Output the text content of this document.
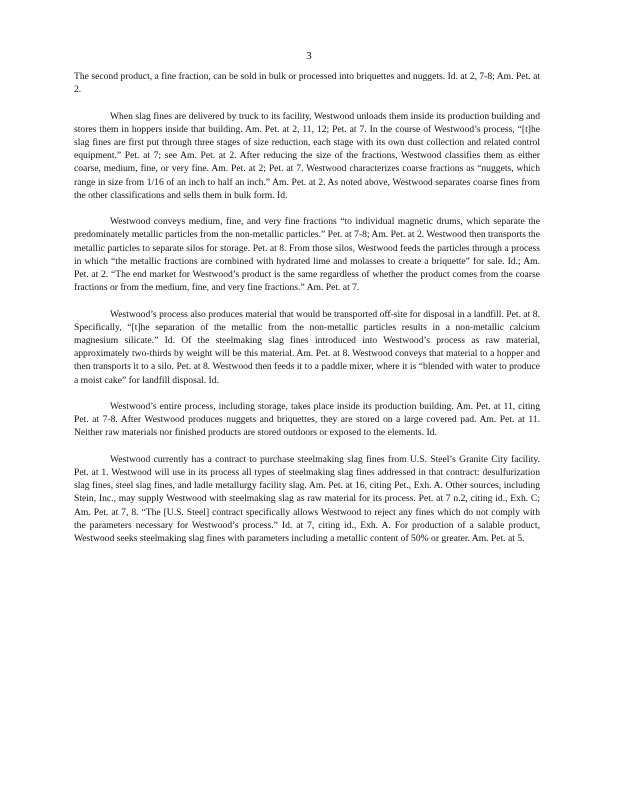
3

The second product, a fine fraction, can be sold in bulk or processed into briquettes and nuggets. Id. at 2, 7-8; Am. Pet. at 2.

When slag fines are delivered by truck to its facility, Westwood unloads them inside its production building and stores them in hoppers inside that building. Am. Pet. at 2, 11, 12; Pet. at 7. In the course of Westwood’s process, “[t]he slag fines are first put through three stages of size reduction, each stage with its own dust collection and related control equipment.” Pet. at 7; see Am. Pet. at 2. After reducing the size of the fractions, Westwood classifies them as either coarse, medium, fine, or very fine. Am. Pet. at 2; Pet. at 7. Westwood characterizes coarse fractions as “nuggets, which range in size from 1/16 of an inch to half an inch.” Am. Pet. at 2. As noted above, Westwood separates coarse fines from the other classifications and sells them in bulk form. Id.

Westwood conveys medium, fine, and very fine fractions “to individual magnetic drums, which separate the predominately metallic particles from the non-metallic particles.” Pet. at 7-8; Am. Pet. at 2. Westwood then transports the metallic particles to separate silos for storage. Pet. at 8. From those silos, Westwood feeds the particles through a process in which “the metallic fractions are combined with hydrated lime and molasses to create a briquette” for sale. Id.; Am. Pet. at 2. “The end market for Westwood’s product is the same regardless of whether the product comes from the coarse fractions or from the medium, fine, and very fine fractions.” Am. Pet. at 7.

Westwood’s process also produces material that would be transported off-site for disposal in a landfill. Pet. at 8. Specifically, “[t]he separation of the metallic from the non-metallic particles results in a non-metallic calcium magnesium silicate.” Id. Of the steelmaking slag fines introduced into Westwood’s process as raw material, approximately two-thirds by weight will be this material. Am. Pet. at 8. Westwood conveys that material to a hopper and then transports it to a silo. Pet. at 8. Westwood then feeds it to a paddle mixer, where it is “blended with water to produce a moist cake” for landfill disposal. Id.

Westwood’s entire process, including storage, takes place inside its production building. Am. Pet. at 11, citing Pet. at 7-8. After Westwood produces nuggets and briquettes, they are stored on a large covered pad. Am. Pet. at 11. Neither raw materials nor finished products are stored outdoors or exposed to the elements. Id.

Westwood currently has a contract to purchase steelmaking slag fines from U.S. Steel’s Granite City facility. Pet. at 1. Westwood will use in its process all types of steelmaking slag fines addressed in that contract: desulfurization slag fines, steel slag fines, and ladle metallurgy facility slag. Am. Pet. at 16, citing Pet., Exh. A. Other sources, including Stein, Inc., may supply Westwood with steelmaking slag as raw material for its process. Pet. at 7 n.2, citing id., Exh. C; Am. Pet. at 7, 8. “The [U.S. Steel] contract specifically allows Westwood to reject any fines which do not comply with the parameters necessary for Westwood’s process.” Id. at 7, citing id., Exh. A. For production of a salable product, Westwood seeks steelmaking slag fines with parameters including a metallic content of 50% or greater. Am. Pet. at 5.
